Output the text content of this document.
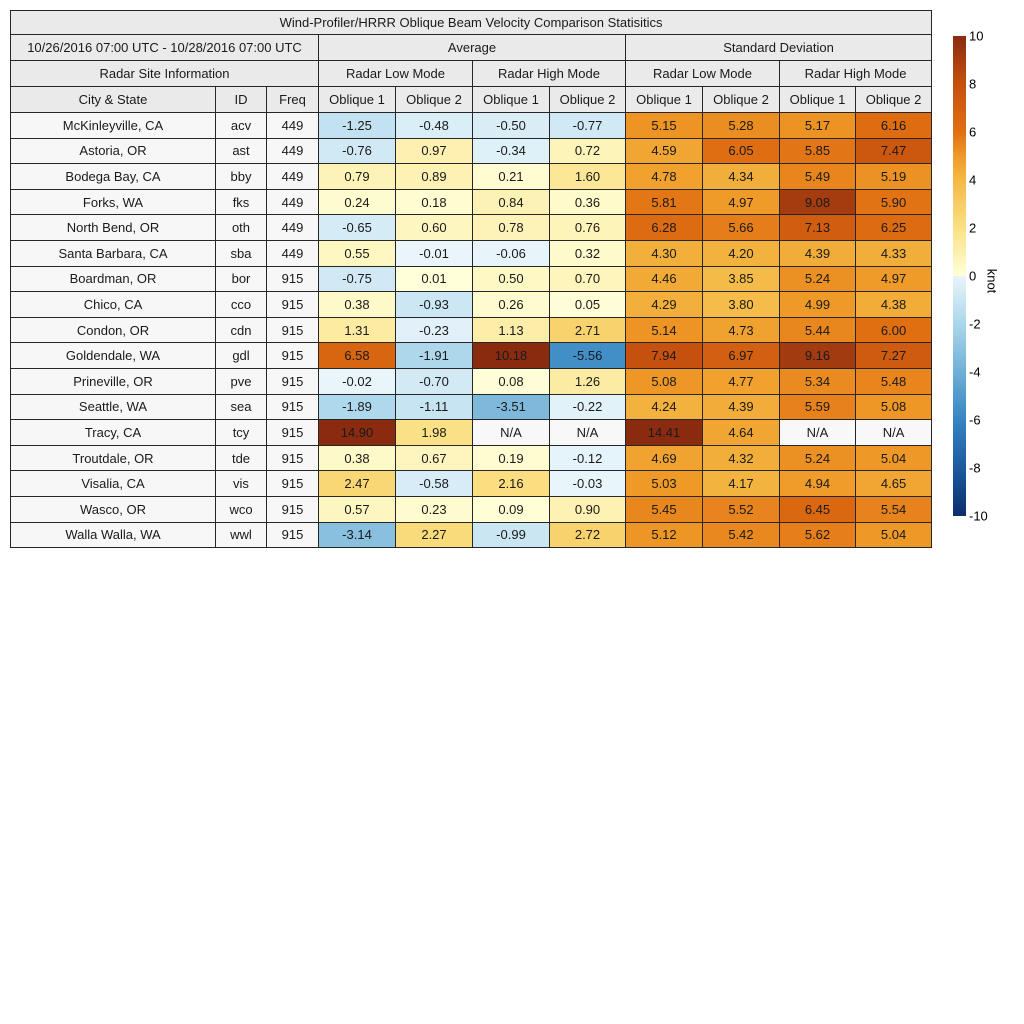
Wind-Profiler/HRRR Oblique Beam Velocity Comparison Statisitics										
10/26/2016 07:00 UTC - 10/28/2016 07:00 UTC			Average				Standard Deviation			
Radar Site Information			Radar Low Mode		Radar High Mode		Radar Low Mode		Radar High Mode	
City & State	ID	Freq	Oblique 1	Oblique 2	Oblique 1	Oblique 2	Oblique 1	Oblique 2	Oblique 1	Oblique 2
McKinleyville, CA	acv	449	-1.25	-0.48	-0.50	-0.77	5.15	5.28	5.17	6.16
Astoria, OR	ast	449	-0.76	0.97	-0.34	0.72	4.59	6.05	5.85	7.47
Bodega Bay, CA	bby	449	0.79	0.89	0.21	1.60	4.78	4.34	5.49	5.19
Forks, WA	fks	449	0.24	0.18	0.84	0.36	5.81	4.97	9.08	5.90
North Bend, OR	oth	449	-0.65	0.60	0.78	0.76	6.28	5.66	7.13	6.25
Santa Barbara, CA	sba	449	0.55	-0.01	-0.06	0.32	4.30	4.20	4.39	4.33
Boardman, OR	bor	915	-0.75	0.01	0.50	0.70	4.46	3.85	5.24	4.97
Chico, CA	cco	915	0.38	-0.93	0.26	0.05	4.29	3.80	4.99	4.38
Condon, OR	cdn	915	1.31	-0.23	1.13	2.71	5.14	4.73	5.44	6.00
Goldendale, WA	gdl	915	6.58	-1.91	10.18	-5.56	7.94	6.97	9.16	7.27
Prineville, OR	pve	915	-0.02	-0.70	0.08	1.26	5.08	4.77	5.34	5.48
Seattle, WA	sea	915	-1.89	-1.11	-3.51	-0.22	4.24	4.39	5.59	5.08
Tracy, CA	tcy	915	14.90	1.98	N/A	N/A	14.41	4.64	N/A	N/A
Troutdale, OR	tde	915	0.38	0.67	0.19	-0.12	4.69	4.32	5.24	5.04
Visalia, CA	vis	915	2.47	-0.58	2.16	-0.03	5.03	4.17	4.94	4.65
Wasco, OR	wco	915	0.57	0.23	0.09	0.90	5.45	5.52	6.45	5.54
Walla Walla, WA	wwl	915	-3.14	2.27	-0.99	2.72	5.12	5.42	5.62	5.04
10
8
6
4
2
0
-2
-4
-6
-8
-10
knot
